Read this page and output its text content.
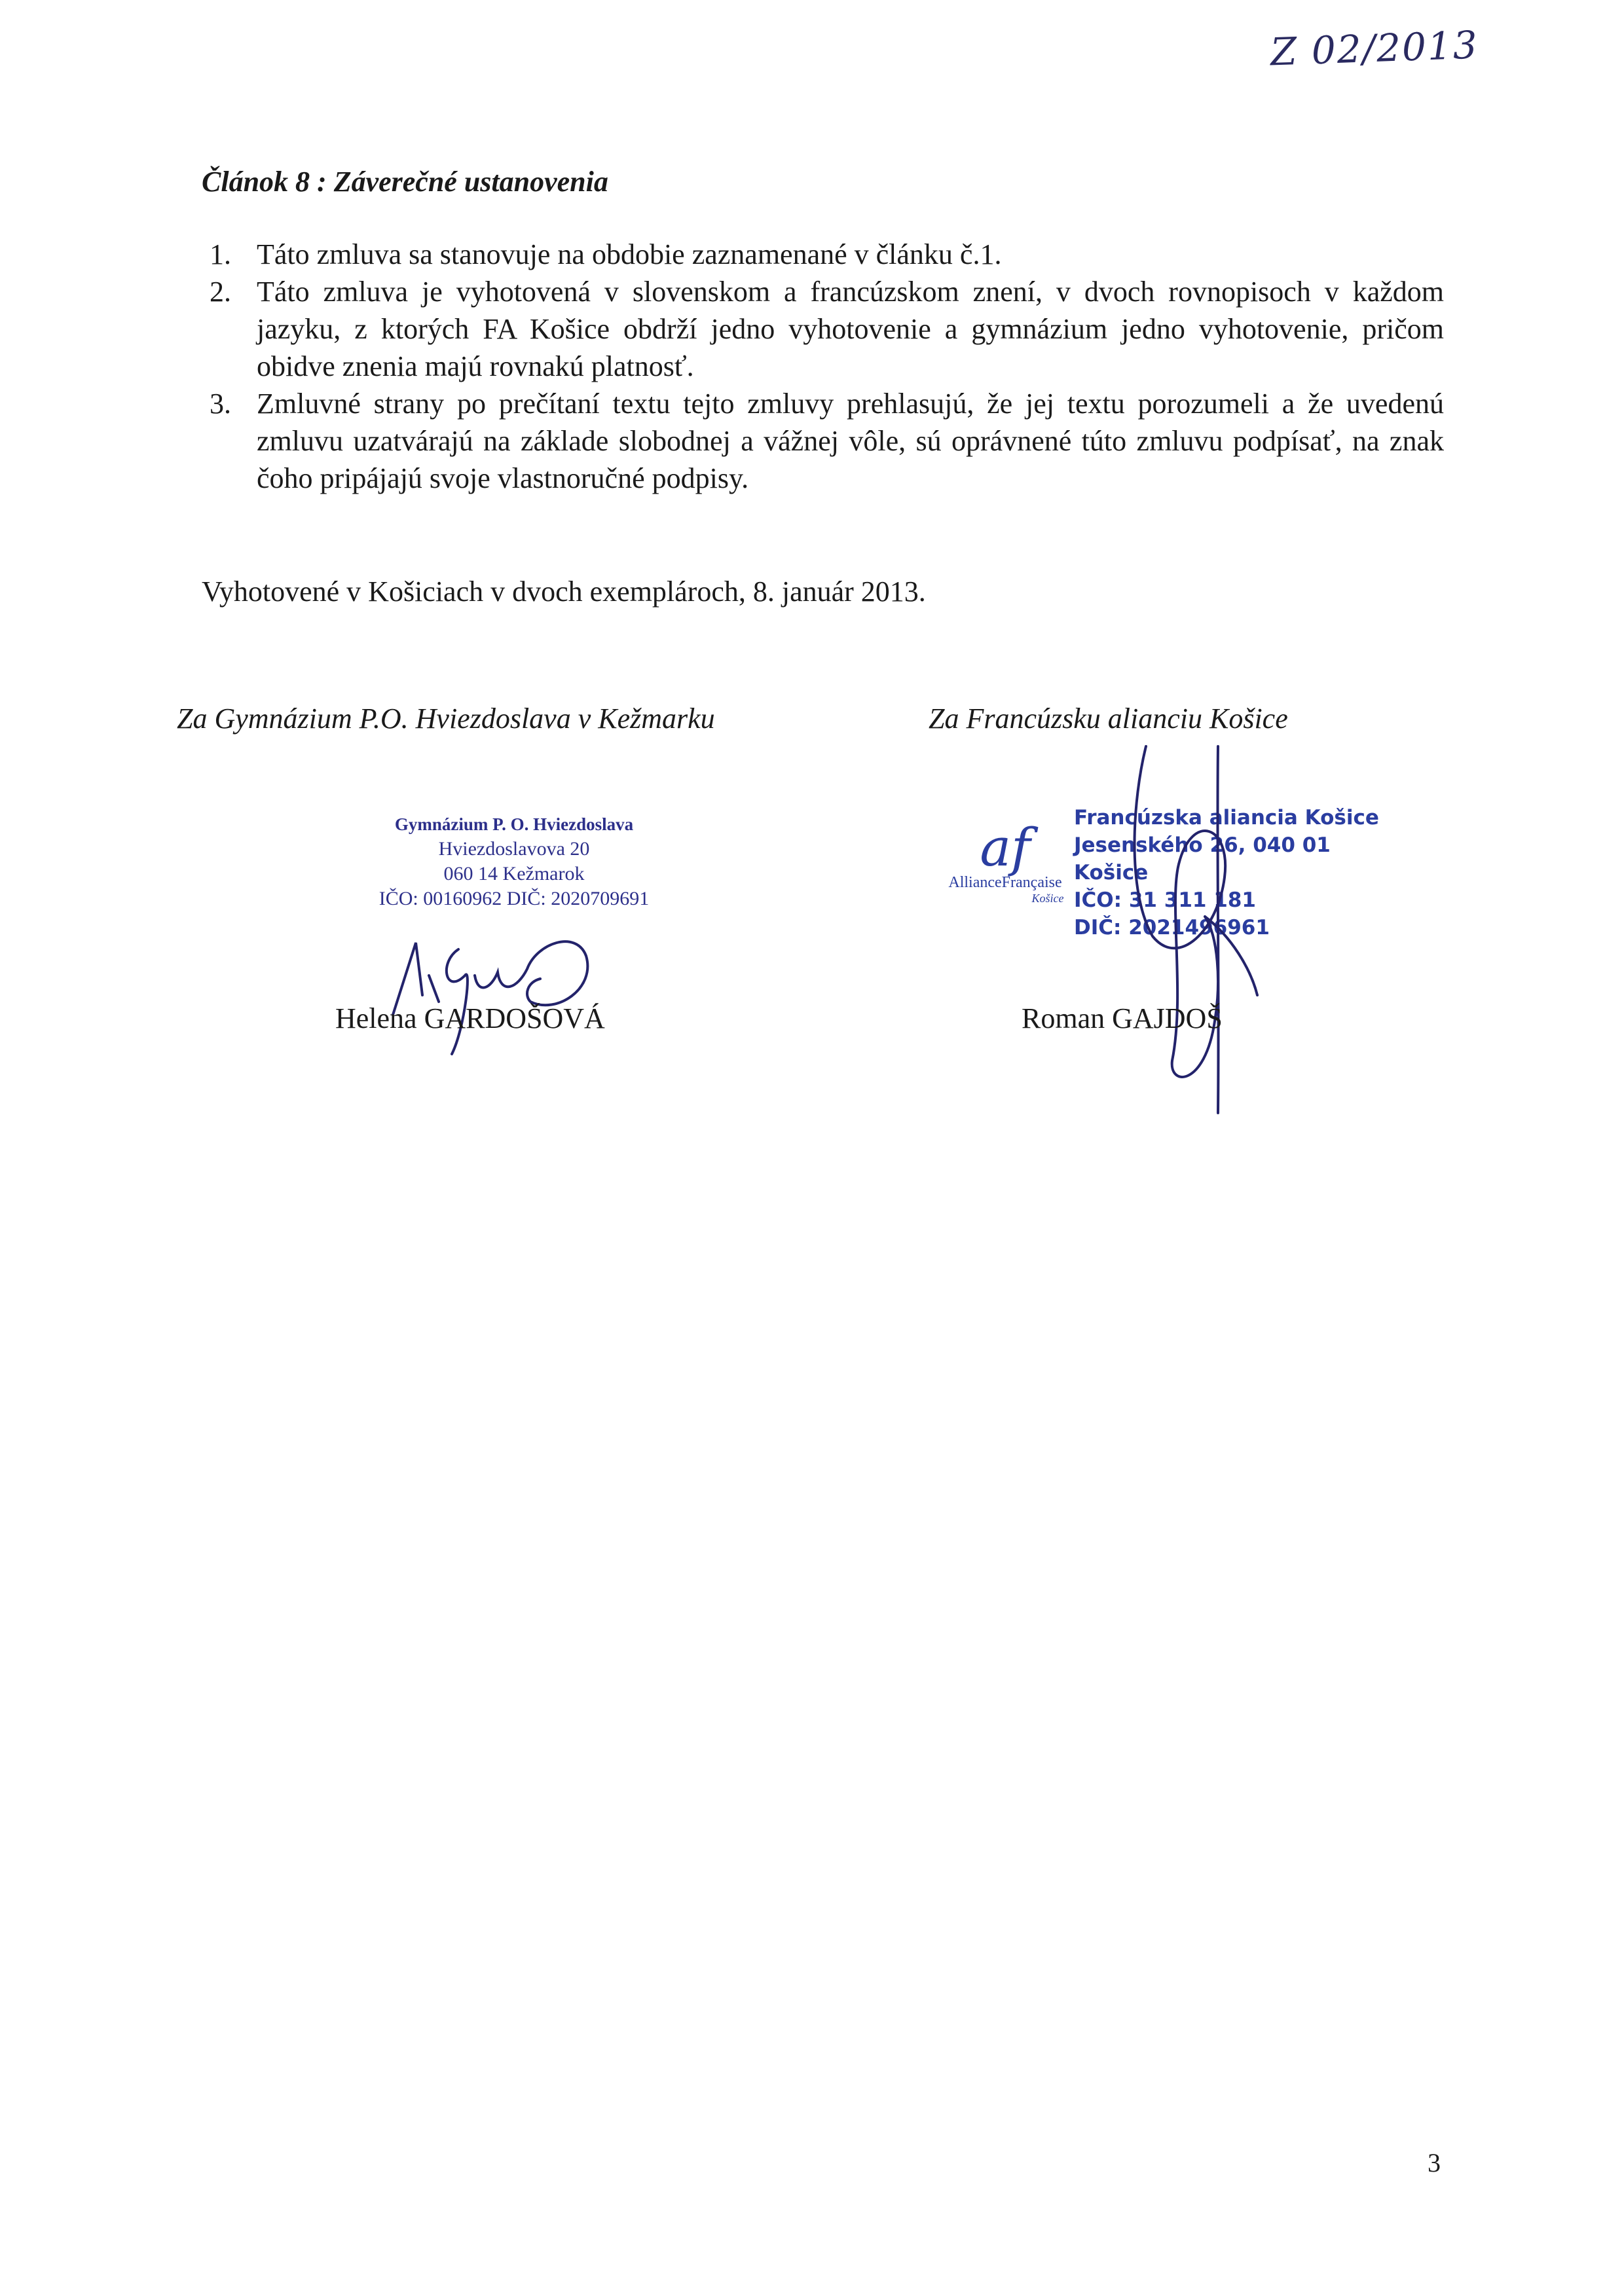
Z 02/2013
Článok 8 : Záverečné ustanovenia
1. Táto zmluva sa stanovuje na obdobie zaznamenané v článku č.1.
2. Táto zmluva je vyhotovená v slovenskom a francúzskom znení, v dvoch rovnopisoch v každom jazyku, z ktorých FA Košice obdrží jedno vyhotovenie a gymnázium jedno vyhotovenie, pričom obidve znenia majú rovnakú platnosť.
3. Zmluvné strany po prečítaní textu tejto zmluvy prehlasujú, že jej textu porozumeli a že uvedenú zmluvu uzatvárajú na základe slobodnej a vážnej vôle, sú oprávnené túto zmluvu podpísať, na znak čoho pripájajú svoje vlastnoručné podpisy.
Vyhotovené v Košiciach v dvoch exemplároch, 8. január 2013.
Za Gymnázium P.O. Hviezdoslava v Kežmarku	Za Francúzsku alianciu Košice
Gymnázium P. O. Hviezdoslava
Hviezdoslavova 20
060 14 Kežmarok
IČO: 00160962 DIČ: 2020709691
Helena GARDOŠOVÁ
af
AllianceFrançaise
Košice
Francúzska aliancia Košice
Jesenského 26, 040 01 Košice
IČO: 31 311 181
DIČ: 2021496961
Roman GAJDOŠ
3
